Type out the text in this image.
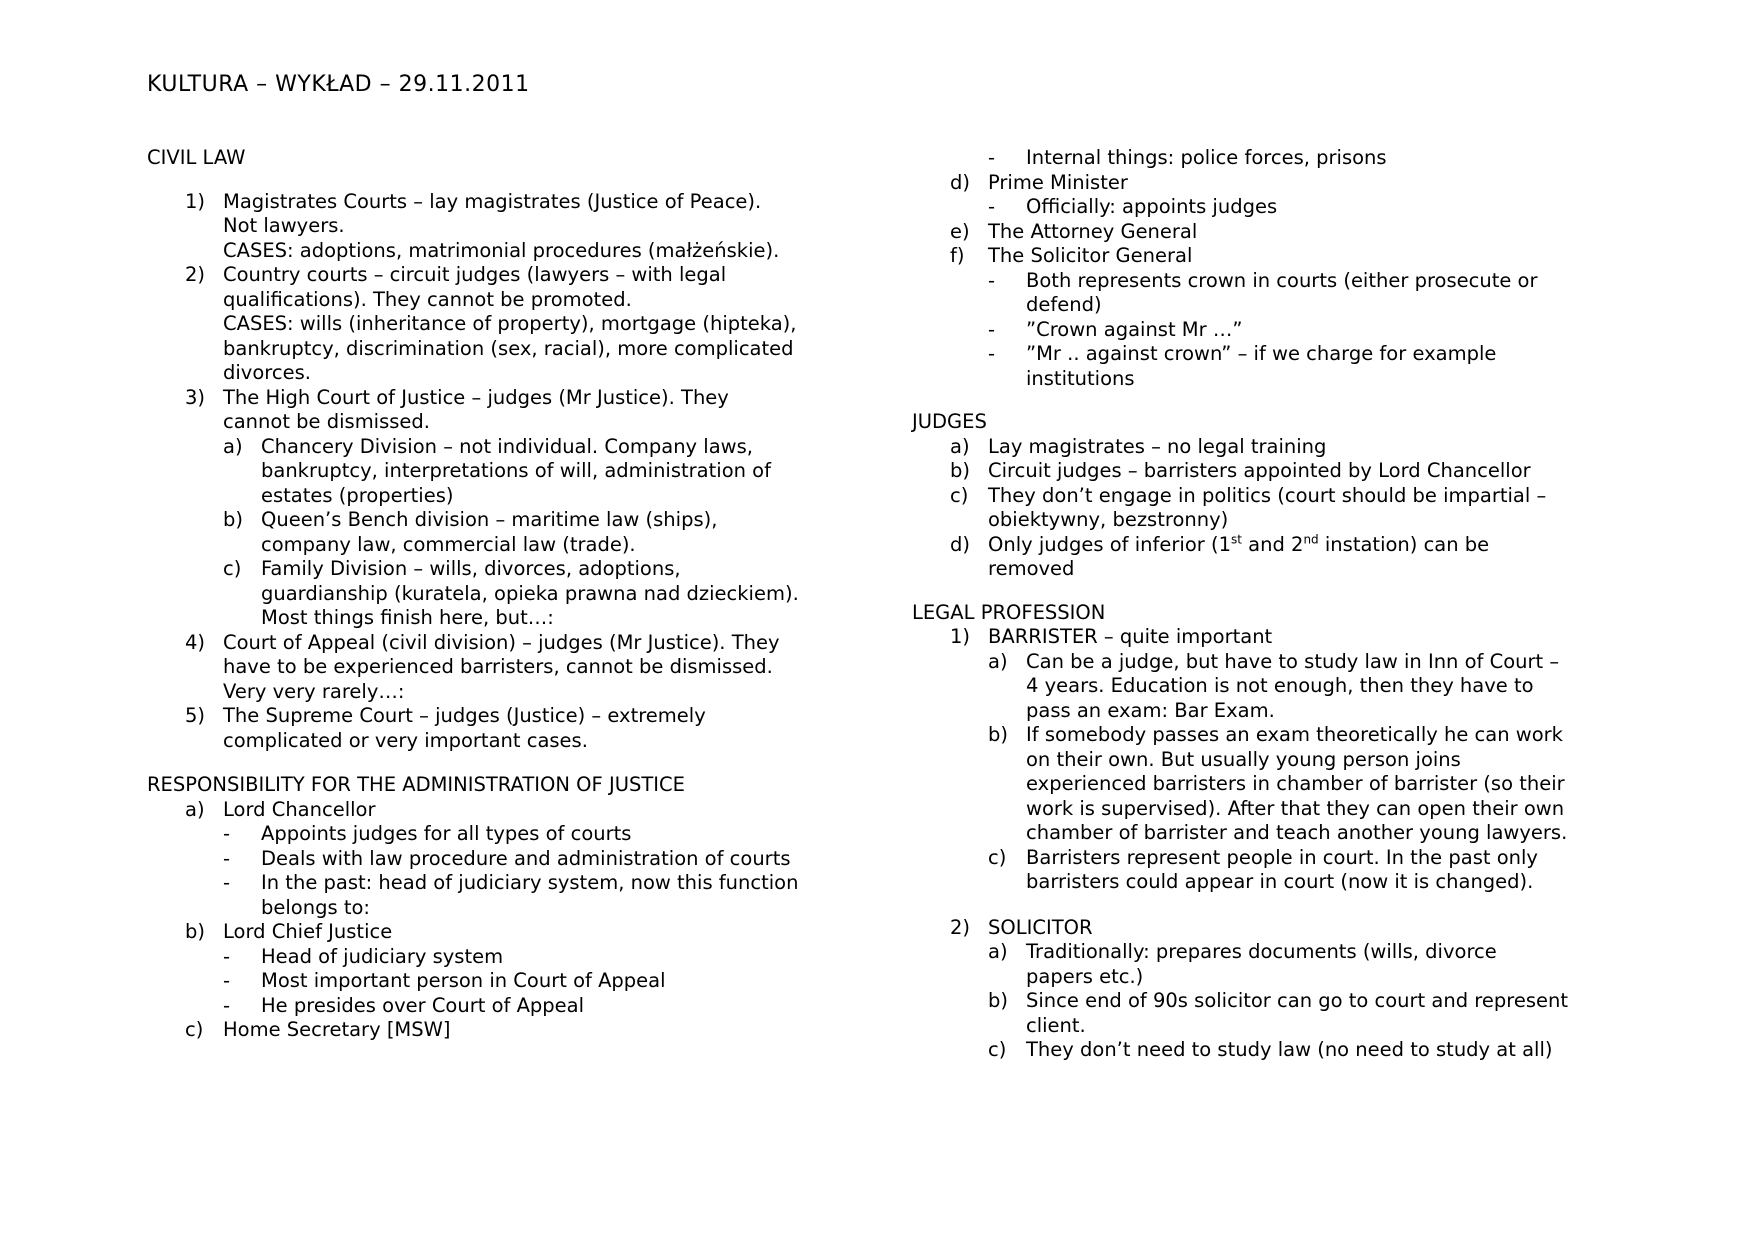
KULTURA – WYKŁAD – 29.11.2011
CIVIL LAW
1) Magistrates Courts – lay magistrates (Justice of Peace).
Not lawyers.
CASES: adoptions, matrimonial procedures (małżeńskie).
2) Country courts – circuit judges (lawyers – with legal
qualifications). They cannot be promoted.
CASES: wills (inheritance of property), mortgage (hipteka),
bankruptcy, discrimination (sex, racial), more complicated
divorces.
3) The High Court of Justice – judges (Mr Justice). They
cannot be dismissed.
a) Chancery Division – not individual. Company laws,
bankruptcy, interpretations of will, administration of
estates (properties)
b) Queen’s Bench division – maritime law (ships),
company law, commercial law (trade).
c)	Family Division – wills, divorces, adoptions,
guardianship (kuratela, opieka prawna nad dzieckiem).
Most things finish here, but…:
4) Court of Appeal (civil division) – judges (Mr Justice). They
have to be experienced barristers, cannot be dismissed.
Very very rarely…:
5) The Supreme Court – judges (Justice) – extremely
complicated or very important cases.
RESPONSIBILITY FOR THE ADMINISTRATION OF JUSTICE
a) Lord Chancellor
-	Appoints judges for all types of courts
-	Deals with law procedure and administration of courts
-	In the past: head of judiciary system, now this function
belongs to:
b) Lord Chief Justice
-	Head of judiciary system
-	Most important person in Court of Appeal
-	He presides over Court of Appeal
c)	Home Secretary [MSW]
-	Internal things: police forces, prisons
d) Prime Minister
-	Officially: appoints judges
e) The Attorney General
f)	The Solicitor General
-	Both represents crown in courts (either prosecute or
defend)
-	”Crown against Mr …”
-	”Mr .. against crown” – if we charge for example
institutions
JUDGES
a) Lay magistrates – no legal training
b) Circuit judges – barristers appointed by Lord Chancellor
c)	They don’t engage in politics (court should be impartial –
obiektywny, bezstronny)
d) Only judges of inferior (1st and 2nd instation) can be
removed
LEGAL PROFESSION
1) BARRISTER – quite important
a) Can be a judge, but have to study law in Inn of Court –
4 years. Education is not enough, then they have to
pass an exam: Bar Exam.
b) If somebody passes an exam theoretically he can work
on their own. But usually young person joins
experienced barristers in chamber of barrister (so their
work is supervised). After that they can open their own
chamber of barrister and teach another young lawyers.
c)	Barristers represent people in court. In the past only
barristers could appear in court (now it is changed).
2) SOLICITOR
a) Traditionally: prepares documents (wills, divorce
papers etc.)
b) Since end of 90s solicitor can go to court and represent
client.
c)	They don’t need to study law (no need to study at all)
